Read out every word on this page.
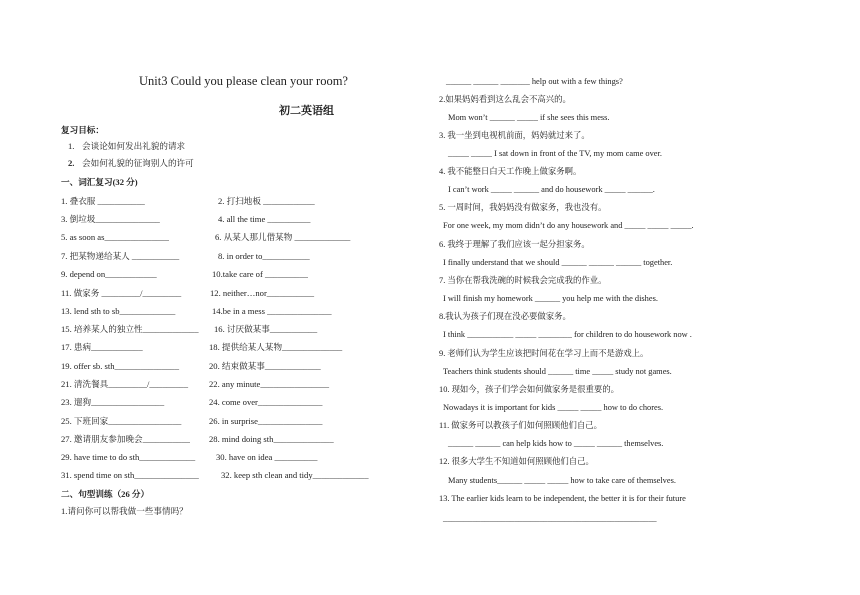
Unit3 Could you please clean your room?
初二英语组
复习目标：
1. 会谈论如何发出礼貌的请求
2. 会如何礼貌的征询别人的许可
一、词汇复习(32 分)
1. 叠衣服 ___________	2. 打扫地板 ____________
3. 倒垃圾_______________	4. all the time __________
5. as soon as_______________	6. 从某人那儿借某物 _____________
7. 把某物递给某人 ___________	8. in order to___________
9. depend on____________	10.take care of __________
11. 做家务 _________/_________	12. neither…nor___________
13. lend sth to sb_____________	14.be in a mess _______________
15. 培养某人的独立性_____________ 16. 讨厌做某事___________
17. 患病____________	18. 提供给某人某物______________
19. offer sb. sth_______________	20. 结束做某事_____________
21. 清洗餐具_________/_________ 22. any minute________________
23. 遛狗_________________	24. come over_______________
25. 下班回家_________________	26. in surprise_______________
27. 邀请朋友参加晚会___________ 28. mind doing sth______________
29. have time to do sth_____________ 30. have on idea __________
31. spend time on sth_______________	32. keep sth clean and tidy_____________
二、句型训练（26 分）
1.请问你可以帮我做一些事情吗？
______ ______ _______ help out with a few things?
2.如果妈妈看到这么乱会不高兴的。
Mom won’t ______ _____ if she sees this mess.
3. 我一坐到电视机前面，妈妈就过来了。
_____ _____ I sat down in front of the TV, my mom came over.
4. 我不能整日白天工作晚上做家务啊。
I can’t work _____ ______ and do housework _____ ______.
5. 一周时间，我妈妈没有做家务，我也没有。
For one week, my mom didn’t do any housework and _____ _____ _____.
6. 我终于理解了我们应该一起分担家务。
I finally understand that we should ______ ______ ______ together.
7. 当你在帮我洗碗的时候我会完成我的作业。
I will finish my homework ______ you help me with the dishes.
8.我认为孩子们现在没必要做家务。
I think ___________ _____ ________ for children to do housework now .
9. 老师们认为学生应该把时间花在学习上而不是游戏上。
Teachers think students should ______ time _____ study not games.
10. 现如今，孩子们学会如何做家务是很重要的。
Nowadays it is important for kids _____ _____ how to do chores.
11. 做家务可以教孩子们如何照顾他们自己。
______ ______ can help kids how to _____ ______ themselves.
12. 很多大学生不知道如何照顾他们自己。
Many students______ _____ _____ how to take care of themselves.
13. The earlier kids learn to be independent, the better it is for their future
___________________________________________________
